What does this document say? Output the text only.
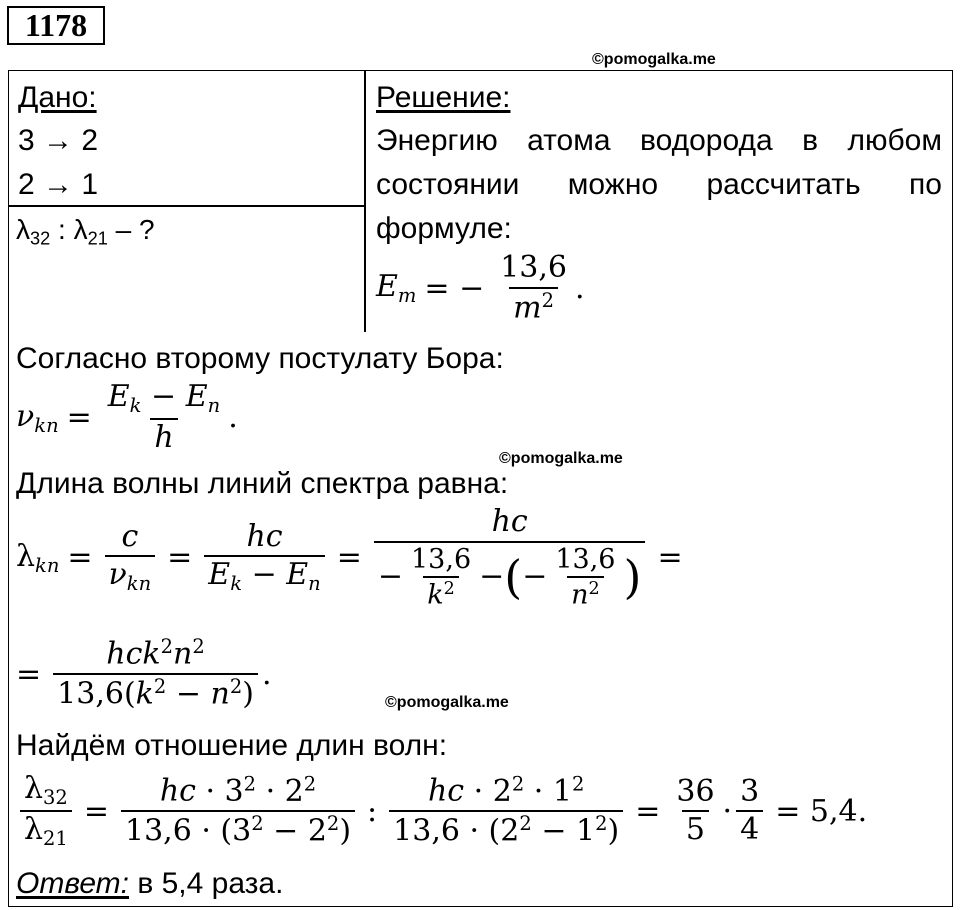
1178
©pomogalka.me
©pomogalka.me
©pomogalka.me
Дано:
3 → 2
2 → 1
$\lambda_{32}$ : $\lambda_{21}$ – ?
Решение:
Энергию атома водорода в любом
состоянии можно рассчитать по
формуле:
$E_m$ = − $\frac{13,6}{m^2}$ .
Согласно второму постулату Бора:
$\nu_{kn} = \frac{E_k - E_n}{h}$ .
Длина волны линий спектра равна:
$\lambda_{kn} = \frac{c}{\nu_{kn}} = \frac{hc}{E_k - E_n} = \frac{hc}{- \frac{13,6}{k^2} - ( - \frac{13,6}{n^2} )}$ =
= $\frac{hck^2n^2}{13,6(k^2 - n^2)}$ .
Найдём отношение длин волн:
$\frac{\lambda_{32}}{\lambda_{21}} = \frac{hc \cdot 3^2 \cdot 2^2}{13,6 \cdot (3^2 - 2^2)}$ : $\frac{hc \cdot 2^2 \cdot 1^2}{13,6 \cdot (2^2 - 1^2)} = \frac{36}{5} \cdot \frac{3}{4} = 5,4$.
Ответ: в 5,4 раза.
